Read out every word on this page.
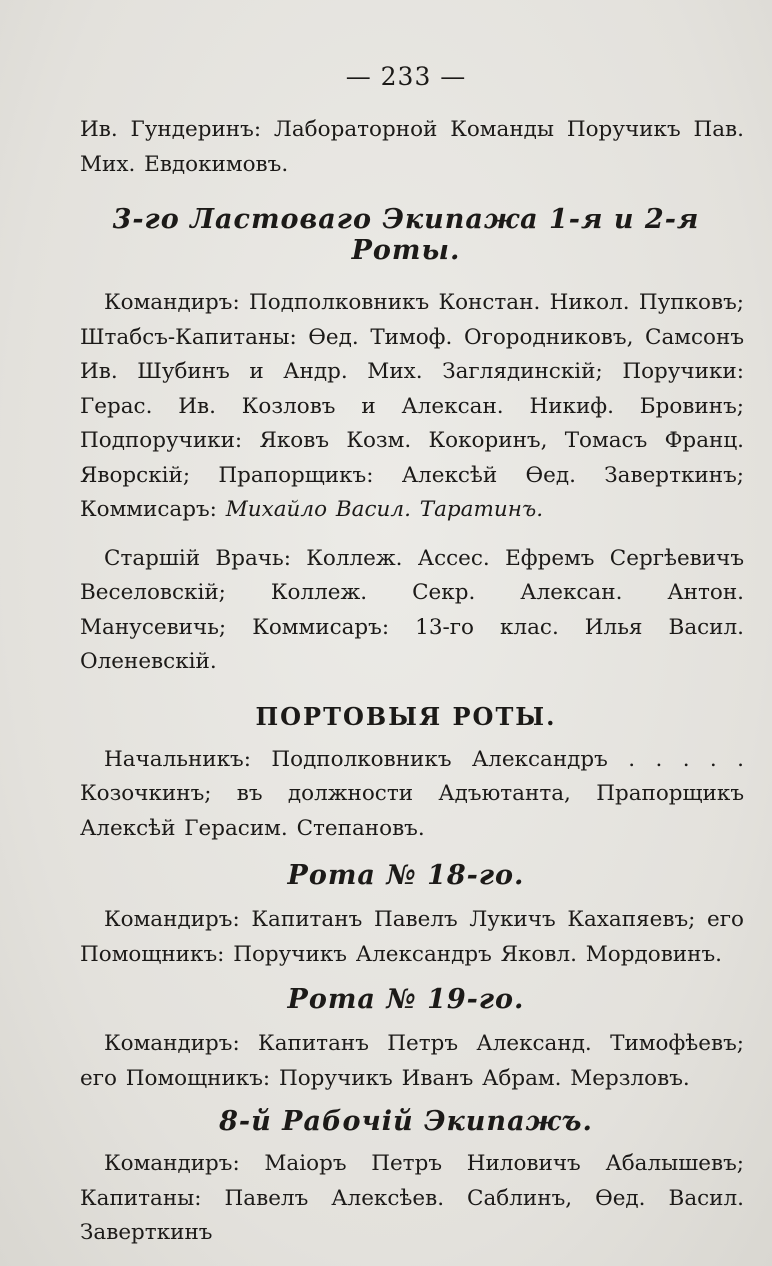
— 233 —

Ив. Гундеринъ: Лабораторной Команды Поручикъ Пав. Мих. Евдокимовъ.

3-го Ластоваго Экипажа 1-я и 2-я Роты.

Командиръ: Подполковникъ Констан. Никол. Пупковъ; Штабсъ-Капитаны: Ѳед. Тимоф. Огородниковъ, Самсонъ Ив. Шубинъ и Андр. Мих. Заглядинскій; Поручики: Герас. Ив. Козловъ и Алексан. Никиф. Бровинъ; Подпоручики: Яковъ Козм. Кокоринъ, Томасъ Франц. Яворскій; Прапорщикъ: Алексѣй Ѳед. Заверткинъ; Коммисаръ: Михайло Васил. Таратинъ.

Старшій Врачь: Коллеж. Ассес. Ефремъ Сергѣевичъ Веселовскій; Коллеж. Секр. Алексан. Антон. Манусевичь; Коммисаръ: 13-го клас. Илья Васил. Оленевскій.

ПОРТОВЫЯ РОТЫ.

Начальникъ: Подполковникъ Александръ . . . . . Козочкинъ; въ должности Адъютанта, Прапорщикъ Алексѣй Герасим. Степановъ.

Рота № 18-го.

Командиръ: Капитанъ Павелъ Лукичъ Кахапяевъ; его Помощникъ: Поручикъ Александръ Яковл. Мордовинъ.

Рота № 19-го.

Командиръ: Капитанъ Петръ Александ. Тимофѣевъ; его Помощникъ: Поручикъ Иванъ Абрам. Мерзловъ.

8-й Рабочій Экипажъ.

Командиръ: Маіоръ Петръ Ниловичъ Абалышевъ; Капитаны: Павелъ Алексѣев. Саблинъ, Ѳед. Васил. Заверткинъ
